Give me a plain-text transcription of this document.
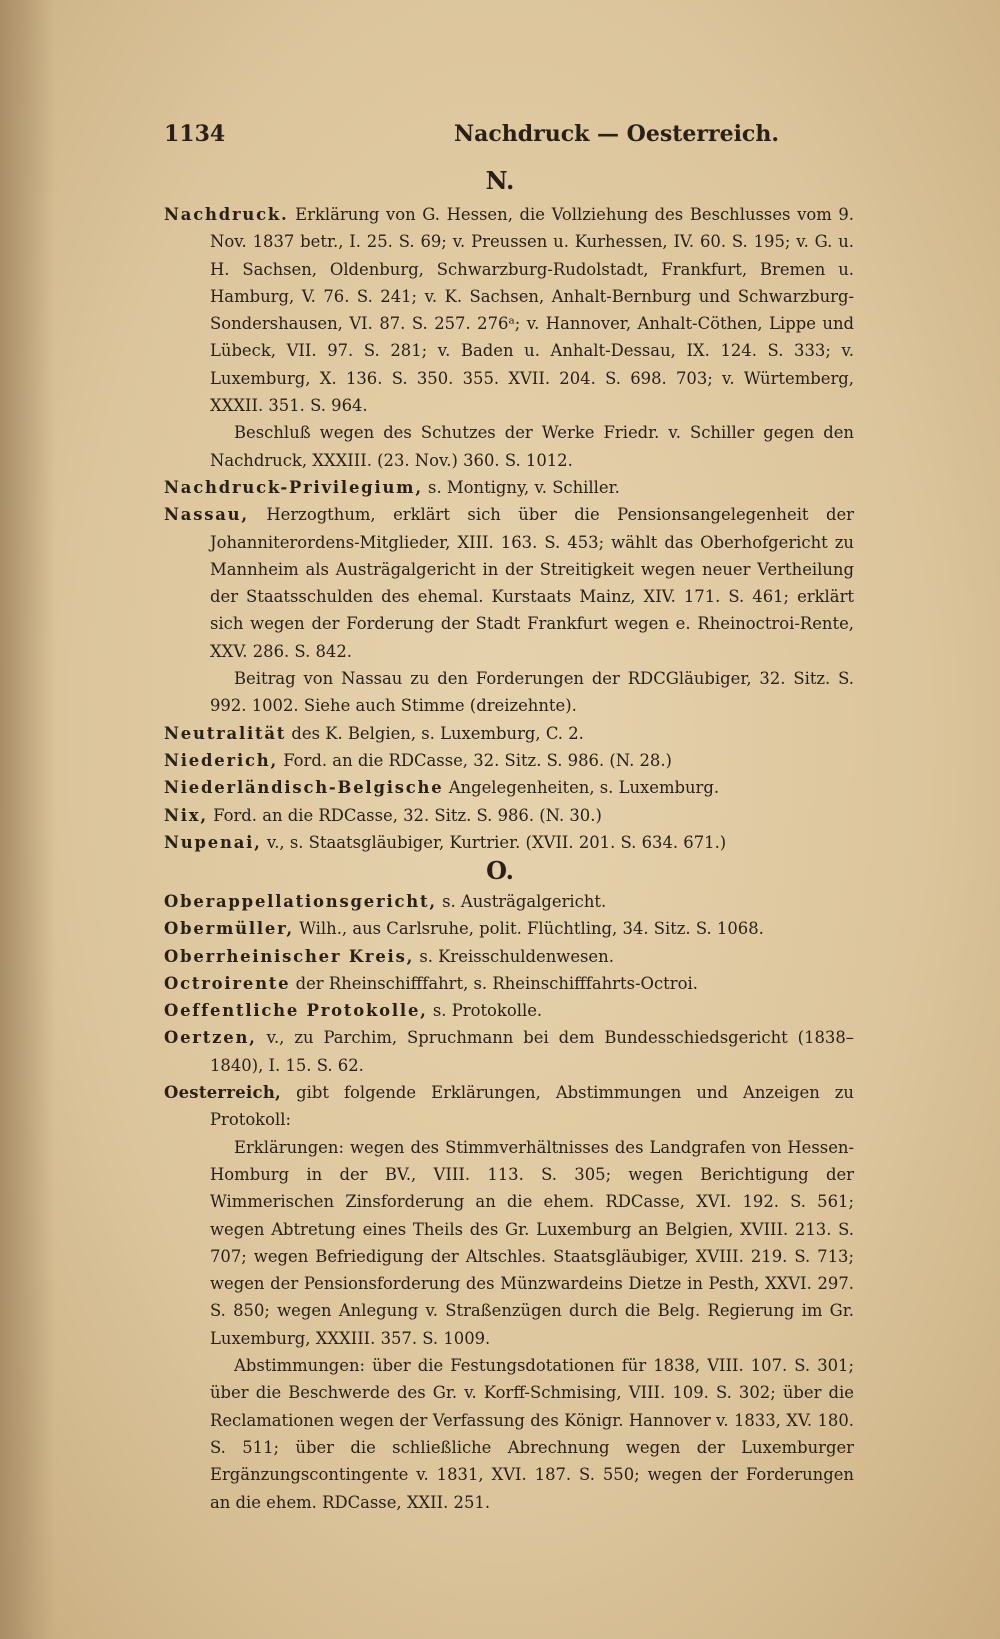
1134	Nachdruck — Oesterreich.
N.

Nachdruck. Erklärung von G. Hessen, die Vollziehung des Beschlusses vom 9. Nov. 1837 betr., I. 25. S. 69; v. Preussen u. Kurhessen, IV. 60. S. 195; v. G. u. H. Sachsen, Oldenburg, Schwarzburg-Rudolstadt, Frankfurt, Bremen u. Hamburg, V. 76. S. 241; v. K. Sachsen, Anhalt-Bernburg und Schwarzburg-Sondershausen, VI. 87. S. 257. 276ᵃ; v. Hannover, Anhalt-Cöthen, Lippe und Lübeck, VII. 97. S. 281; v. Baden u. Anhalt-Dessau, IX. 124. S. 333; v. Luxemburg, X. 136. S. 350. 355. XVII. 204. S. 698. 703; v. Würtemberg, XXXII. 351. S. 964.

Beschluß wegen des Schutzes der Werke Friedr. v. Schiller gegen den Nachdruck, XXXIII. (23. Nov.) 360. S. 1012.

Nachdruck-Privilegium, s. Montigny, v. Schiller.

Nassau, Herzogthum, erklärt sich über die Pensionsangelegenheit der Johanniterordens-Mitglieder, XIII. 163. S. 453; wählt das Oberhofgericht zu Mannheim als Austrägalgericht in der Streitigkeit wegen neuer Vertheilung der Staatsschulden des ehemal. Kurstaats Mainz, XIV. 171. S. 461; erklärt sich wegen der Forderung der Stadt Frankfurt wegen e. Rheinoctroi-Rente, XXV. 286. S. 842.

Beitrag von Nassau zu den Forderungen der RDCGläubiger, 32. Sitz. S. 992. 1002. Siehe auch Stimme (dreizehnte).

Neutralität des K. Belgien, s. Luxemburg, C. 2.

Niederich, Ford. an die RDCasse, 32. Sitz. S. 986. (N. 28.)

Niederländisch-Belgische Angelegenheiten, s. Luxemburg.

Nix, Ford. an die RDCasse, 32. Sitz. S. 986. (N. 30.)

Nupenai, v., s. Staatsgläubiger, Kurtrier. (XVII. 201. S. 634. 671.)

O.

Oberappellationsgericht, s. Austrägalgericht.

Obermüller, Wilh., aus Carlsruhe, polit. Flüchtling, 34. Sitz. S. 1068.

Oberrheinischer Kreis, s. Kreisschuldenwesen.

Octroirente der Rheinschifffahrt, s. Rheinschifffahrts-Octroi.

Oeffentliche Protokolle, s. Protokolle.

Oertzen, v., zu Parchim, Spruchmann bei dem Bundesschiedsgericht (1838–1840), I. 15. S. 62.

Oesterreich, gibt folgende Erklärungen, Abstimmungen und Anzeigen zu Protokoll:

Erklärungen: wegen des Stimmverhältnisses des Landgrafen von Hessen-Homburg in der BV., VIII. 113. S. 305; wegen Berichtigung der Wimmerischen Zinsforderung an die ehem. RDCasse, XVI. 192. S. 561; wegen Abtretung eines Theils des Gr. Luxemburg an Belgien, XVIII. 213. S. 707; wegen Befriedigung der Altschles. Staatsgläubiger, XVIII. 219. S. 713; wegen der Pensionsforderung des Münzwardeins Dietze in Pesth, XXVI. 297. S. 850; wegen Anlegung v. Straßenzügen durch die Belg. Regierung im Gr. Luxemburg, XXXIII. 357. S. 1009.

Abstimmungen: über die Festungsdotationen für 1838, VIII. 107. S. 301; über die Beschwerde des Gr. v. Korff-Schmising, VIII. 109. S. 302; über die Reclamationen wegen der Verfassung des Königr. Hannover v. 1833, XV. 180. S. 511; über die schließliche Abrechnung wegen der Luxemburger Ergänzungscontingente v. 1831, XVI. 187. S. 550; wegen der Forderungen an die ehem. RDCasse, XXII. 251.
